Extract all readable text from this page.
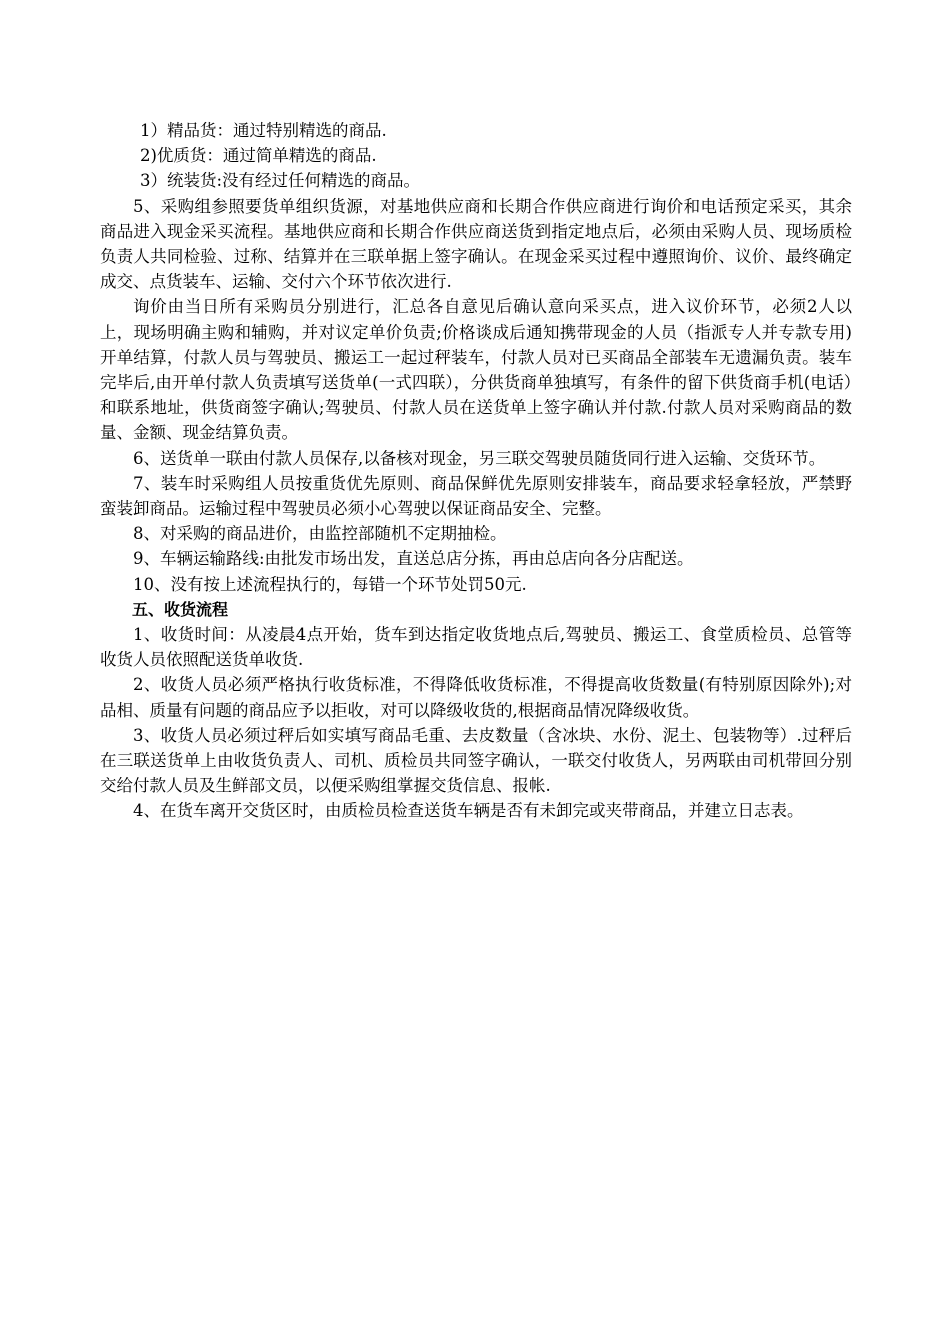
1）精品货：通过特别精选的商品.

2)优质货：通过简单精选的商品.

3）统装货:没有经过任何精选的商品。

5、采购组参照要货单组织货源，对基地供应商和长期合作供应商进行询价和电话预定采买，其余商品进入现金采买流程。基地供应商和长期合作供应商送货到指定地点后，必须由采购人员、现场质检负责人共同检验、过称、结算并在三联单据上签字确认。在现金采买过程中遵照询价、议价、最终确定成交、点货装车、运输、交付六个环节依次进行.

询价由当日所有采购员分别进行，汇总各自意见后确认意向采买点，进入议价环节，必须2人以上，现场明确主购和辅购，并对议定单价负责;价格谈成后通知携带现金的人员（指派专人并专款专用)开单结算，付款人员与驾驶员、搬运工一起过秤装车，付款人员对已买商品全部装车无遗漏负责。装车完毕后,由开单付款人负责填写送货单(一式四联），分供货商单独填写，有条件的留下供货商手机(电话）和联系地址，供货商签字确认;驾驶员、付款人员在送货单上签字确认并付款.付款人员对采购商品的数量、金额、现金结算负责。

6、送货单一联由付款人员保存,以备核对现金，另三联交驾驶员随货同行进入运输、交货环节。

7、装车时采购组人员按重货优先原则、商品保鲜优先原则安排装车，商品要求轻拿轻放，严禁野蛮装卸商品。运输过程中驾驶员必须小心驾驶以保证商品安全、完整。

8、对采购的商品进价，由监控部随机不定期抽检。

9、车辆运输路线:由批发市场出发，直送总店分拣，再由总店向各分店配送。

10、没有按上述流程执行的，每错一个环节处罚50元.

五、收货流程

1、收货时间：从凌晨4点开始，货车到达指定收货地点后,驾驶员、搬运工、食堂质检员、总管等收货人员依照配送货单收货.

2、收货人员必须严格执行收货标准，不得降低收货标准，不得提高收货数量(有特别原因除外);对品相、质量有问题的商品应予以拒收，对可以降级收货的,根据商品情况降级收货。

3、收货人员必须过秤后如实填写商品毛重、去皮数量（含冰块、水份、泥土、包装物等）.过秤后在三联送货单上由收货负责人、司机、质检员共同签字确认，一联交付收货人，另两联由司机带回分别交给付款人员及生鲜部文员，以便采购组掌握交货信息、报帐.

4、在货车离开交货区时，由质检员检查送货车辆是否有未卸完或夹带商品，并建立日志表。
